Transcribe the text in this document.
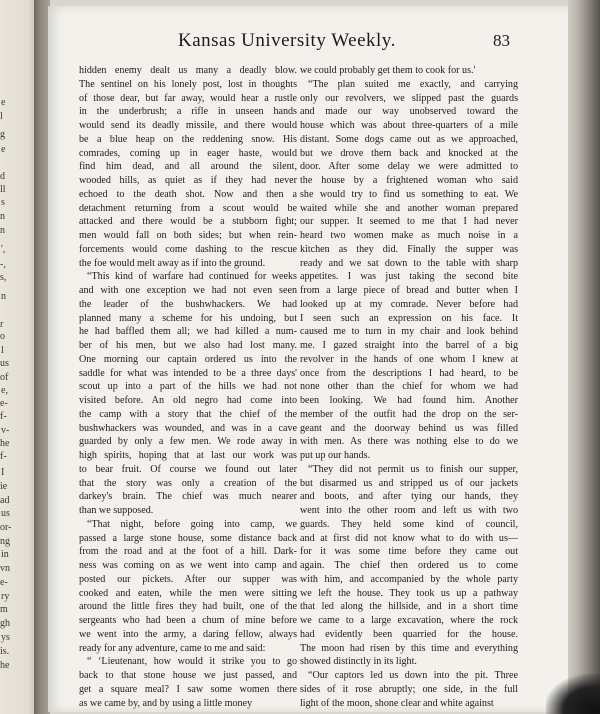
e
l
g
e
d
ll
s
n
n
',
-,
s,
n
r
o
l
us
of
e,
e-
f-
v-
he
f-
I
ie
ad
us
or-
ng
in
vn
e-
ry
m
gh
ys
is.
he
Kansas University Weekly.	83
hidden enemy dealt us many a deadly blow.
The sentinel on his lonely post, lost in thoughts
of those dear, but far away, would hear a rustle
in the underbrush; a rifle in unseen hands
would send its deadly missile, and there would
be a blue heap on the reddening snow. His
comrades, coming up in eager haste, would
find him dead, and all around the silent,
wooded hills, as quiet as if they had never
echoed to the death shot. Now and then a
detachment returning from a scout would be
attacked and there would be a stubborn fight;
men would fall on both sides; but when rein-
forcements would come dashing to the rescue
the foe would melt away as if into the ground.
“This kind of warfare had continued for weeks
and with one exception we had not even seen
the leader of the bushwhackers. We had
planned many a scheme for his undoing, but
he had baffled them all; we had killed a num-
ber of his men, but we also had lost many.
One morning our captain ordered us into the
saddle for what was intended to be a three days'
scout up into a part of the hills we had not
visited before. An old negro had come into
the camp with a story that the chief of the
bushwhackers was wounded, and was in a cave
guarded by only a few men. We rode away in
high spirits, hoping that at last our work was
to bear fruit. Of course we found out later
that the story was only a creation of the
darkey's brain. The chief was much nearer
than we supposed.
“That night, before going into camp, we
passed a large stone house, some distance back
from the road and at the foot of a hill. Dark-
ness was coming on as we went into camp and
posted our pickets. After our supper was
cooked and eaten, while the men were sitting
around the little fires they had built, one of the
sergeants who had been a chum of mine before
we went into the army, a daring fellow, always
ready for any adventure, came to me and said:
“ ‘Lieutenant, how would it strike you to go
back to that stone house we just passed, and
get a square meal? I saw some women there
as we came by, and by using a little money
we could probably get them to cook for us.'
“The plan suited me exactly, and carrying
only our revolvers, we slipped past the guards
and made our way unobserved toward the
house which was about three-quarters of a mile
distant. Some dogs came out as we approached,
but we drove them back and knocked at the
door. After some delay we were admitted to
the house by a frightened woman who said
she would try to find us something to eat. We
waited while she and another woman prepared
our supper. It seemed to me that I had never
heard two women make as much noise in a
kitchen as they did. Finally the supper was
ready and we sat down to the table with sharp
appetites. I was just taking the second bite
from a large piece of bread and butter when I
looked up at my comrade. Never before had
I seen such an expression on his face. It
caused me to turn in my chair and look behind
me. I gazed straight into the barrel of a big
revolver in the hands of one whom I knew at
once from the descriptions I had heard, to be
none other than the chief for whom we had
been looking. We had found him. Another
member of the outfit had the drop on the ser-
geant and the doorway behind us was filled
with men. As there was nothing else to do we
put up our hands.
“They did not permit us to finish our supper,
but disarmed us and stripped us of our jackets
and boots, and after tying our hands, they
went into the other room and left us with two
guards. They held some kind of council,
and at first did not know what to do with us—
for it was some time before they came out
again. The chief then ordered us to come
with him, and accompanied by the whole party
we left the house. They took us up a pathway
that led along the hillside, and in a short time
we came to a large excavation, where the rock
had evidently been quarried for the house.
The moon had risen by this time and everything
showed distinctly in its light.
“Our captors led us down into the pit. Three
sides of it rose abruptly; one side, in the full
light of the moon, shone clear and white against
